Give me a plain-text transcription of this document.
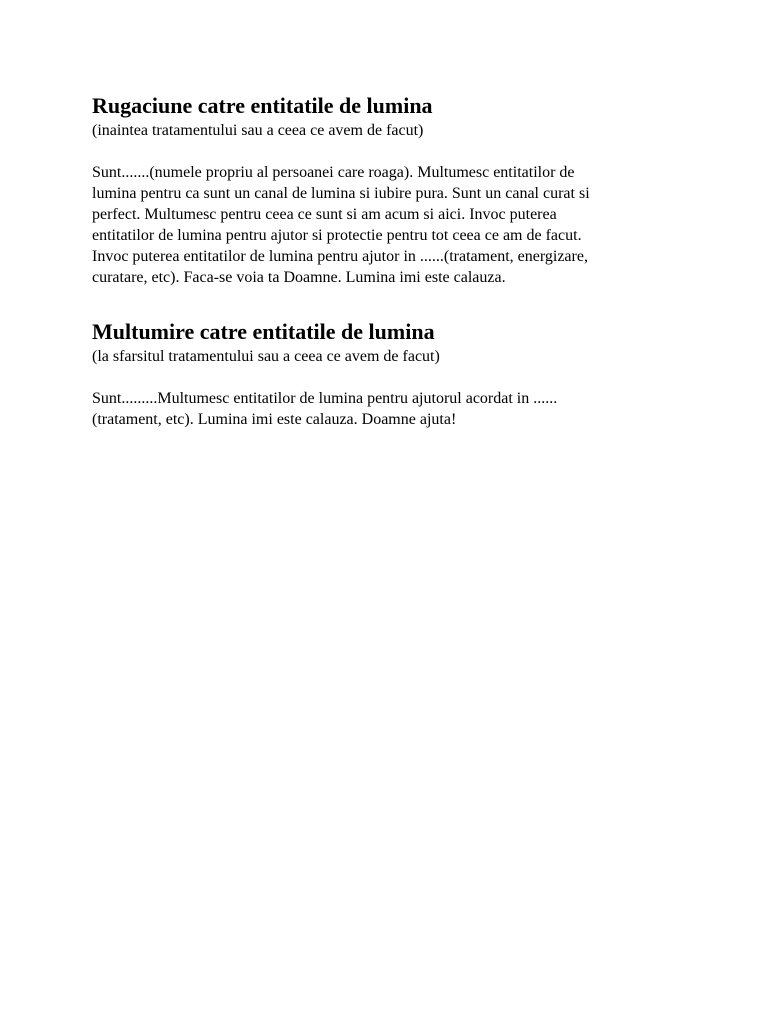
Rugaciune catre entitatile de lumina

(inaintea tratamentului sau a ceea ce avem de facut)

Sunt.......(numele propriu al persoanei care roaga). Multumesc entitatilor de
lumina pentru ca sunt un canal de lumina si iubire pura. Sunt un canal curat si
perfect. Multumesc pentru ceea ce sunt si am acum si aici. Invoc puterea
entitatilor de lumina pentru ajutor si protectie pentru tot ceea ce am de facut.
Invoc puterea entitatilor de lumina pentru ajutor in ......(tratament, energizare,
curatare, etc). Faca-se voia ta Doamne. Lumina imi este calauza.

Multumire catre entitatile de lumina

(la sfarsitul tratamentului sau a ceea ce avem de facut)

Sunt.........Multumesc entitatilor de lumina pentru ajutorul acordat in ......
(tratament, etc). Lumina imi este calauza. Doamne ajuta!
